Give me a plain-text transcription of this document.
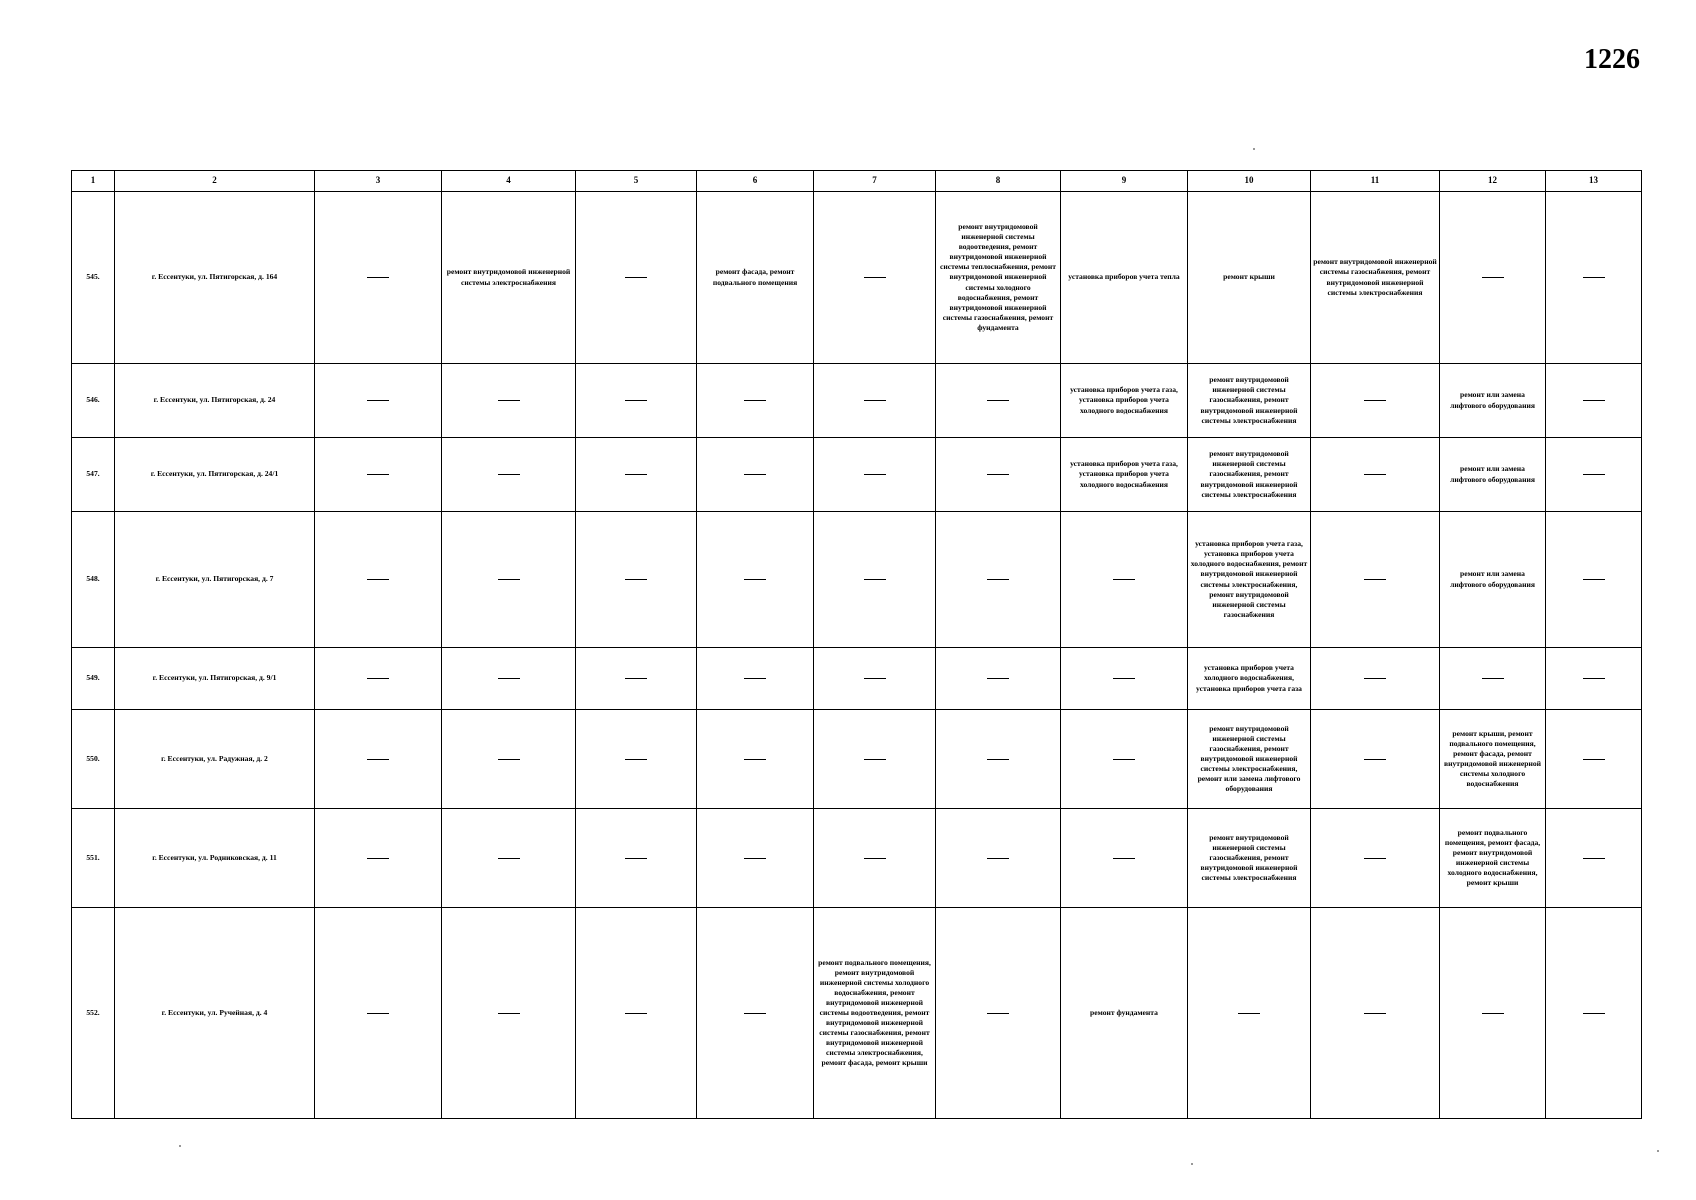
1226
1	2	3	4	5	6	7	8	9	10	11	12	13
545.	г. Ессентуки, ул. Пятигорская, д. 164		ремонт внутридомовой инженерной системы электроснабжения		ремонт фасада, ремонт подвального помещения		ремонт внутридомовой инженерной системы водоотведения, ремонт внутридомовой инженерной системы теплоснабжения, ремонт внутридомовой инженерной системы холодного водоснабжения, ремонт внутридомовой инженерной системы газоснабжения, ремонт фундамента	установка приборов учета тепла	ремонт крыши	ремонт внутридомовой инженерной системы газоснабжения, ремонт внутридомовой инженерной системы электроснабжения		
546.	г. Ессентуки, ул. Пятигорская, д. 24							установка приборов учета газа, установка приборов учета холодного водоснабжения	ремонт внутридомовой инженерной системы газоснабжения, ремонт внутридомовой инженерной системы электроснабжения		ремонт или замена лифтового оборудования	
547.	г. Ессентуки, ул. Пятигорская, д. 24/1							установка приборов учета газа, установка приборов учета холодного водоснабжения	ремонт внутридомовой инженерной системы газоснабжения, ремонт внутридомовой инженерной системы электроснабжения		ремонт или замена лифтового оборудования	
548.	г. Ессентуки, ул. Пятигорская, д. 7								установка приборов учета газа, установка приборов учета холодного водоснабжения, ремонт внутридомовой инженерной системы электроснабжения, ремонт внутридомовой инженерной системы газоснабжения		ремонт или замена лифтового оборудования	
549.	г. Ессентуки, ул. Пятигорская, д. 9/1								установка приборов учета холодного водоснабжения, установка приборов учета газа			
550.	г. Ессентуки, ул. Радужная, д. 2								ремонт внутридомовой инженерной системы газоснабжения, ремонт внутридомовой инженерной системы электроснабжения, ремонт или замена лифтового оборудования		ремонт крыши, ремонт подвального помещения, ремонт фасада, ремонт внутридомовой инженерной системы холодного водоснабжения	
551.	г. Ессентуки, ул. Родниковская, д. 11								ремонт внутридомовой инженерной системы газоснабжения, ремонт внутридомовой инженерной системы электроснабжения		ремонт подвального помещения, ремонт фасада, ремонт внутридомовой инженерной системы холодного водоснабжения, ремонт крыши	
552.	г. Ессентуки, ул. Ручейная, д. 4					ремонт подвального помещения, ремонт внутридомовой инженерной системы холодного водоснабжения, ремонт внутридомовой инженерной системы водоотведения, ремонт внутридомовой инженерной системы газоснабжения, ремонт внутридомовой инженерной системы электроснабжения, ремонт фасада, ремонт крыши		ремонт фундамента				
